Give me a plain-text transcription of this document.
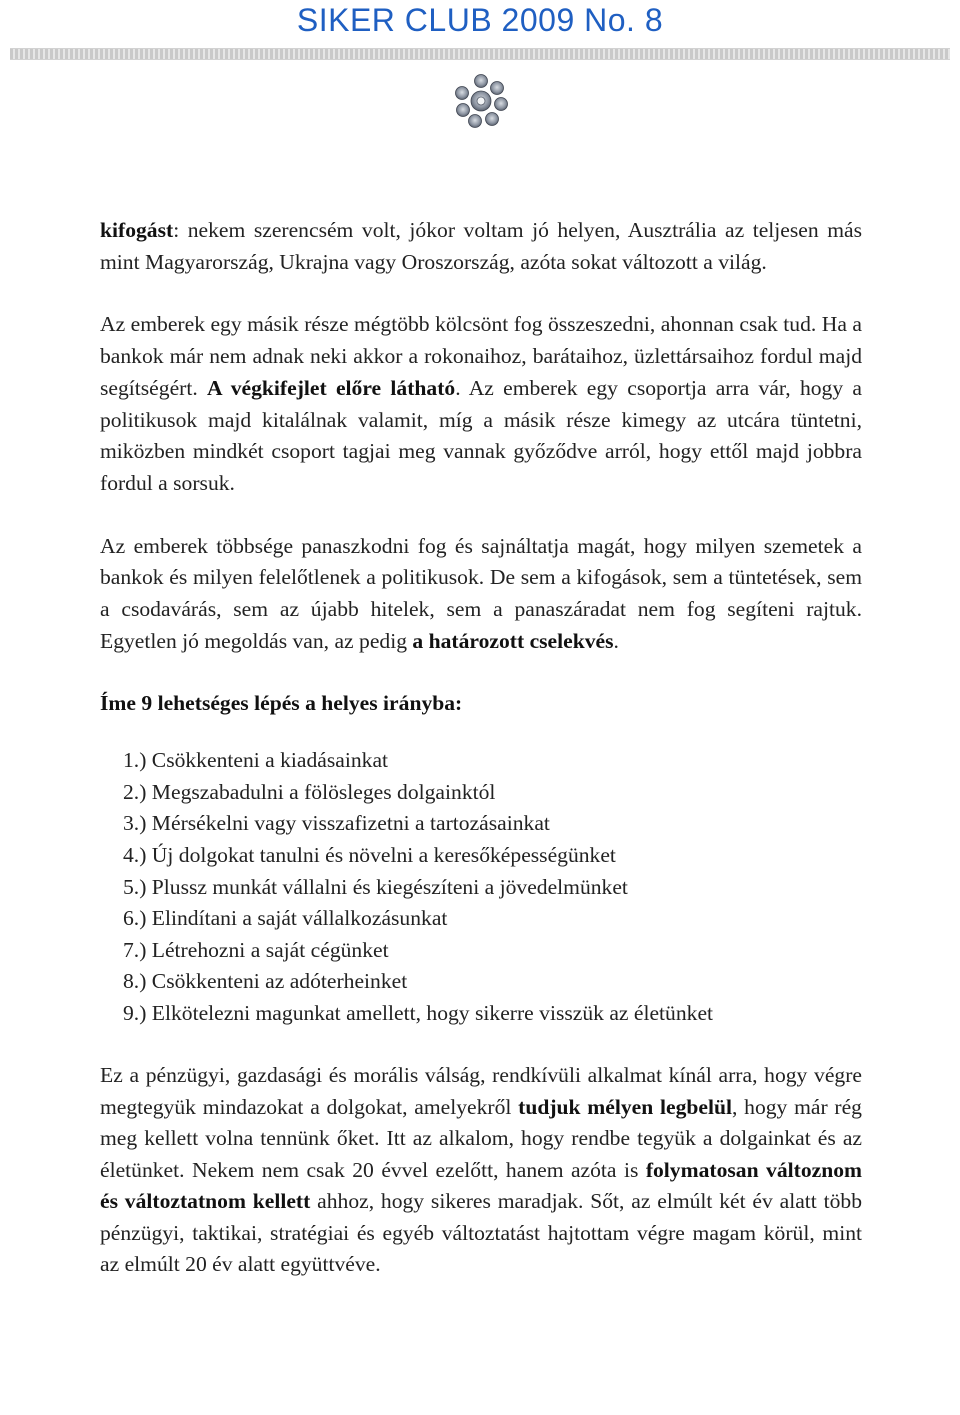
SIKER CLUB 2009 No. 8

kifogást: nekem szerencsém volt, jókor voltam jó helyen, Ausztrália az teljesen más mint Magyarország, Ukrajna vagy Oroszország, azóta sokat változott a világ.

Az emberek egy másik része mégtöbb kölcsönt fog összeszedni, ahonnan csak tud. Ha a bankok már nem adnak neki akkor a rokonaihoz, barátaihoz, üzlettársaihoz fordul majd segítségért. A végkifejlet előre látható. Az emberek egy csoportja arra vár, hogy a politikusok majd kitalálnak valamit, míg a másik része kimegy az utcára tüntetni, miközben mindkét csoport tagjai meg vannak győződve arról, hogy ettől majd jobbra fordul a sorsuk.

Az emberek többsége panaszkodni fog és sajnáltatja magát, hogy milyen szemetek a bankok és milyen felelőtlenek a politikusok. De sem a kifogások, sem a tüntetések, sem a csodavárás, sem az újabb hitelek, sem a panaszáradat nem fog segíteni rajtuk. Egyetlen jó megoldás van, az pedig a határozott cselekvés.

Íme 9 lehetséges lépés a helyes irányba:

1.) Csökkenteni a kiadásainkat
2.) Megszabadulni a fölösleges dolgainktól
3.) Mérsékelni vagy visszafizetni a tartozásainkat
4.) Új dolgokat tanulni és növelni a keresőképességünket
5.) Plussz munkát vállalni és kiegészíteni a jövedelmünket
6.) Elindítani a saját vállalkozásunkat
7.) Létrehozni a saját cégünket
8.) Csökkenteni az adóterheinket
9.) Elkötelezni magunkat amellett, hogy sikerre visszük az életünket

Ez a pénzügyi, gazdasági és morális válság, rendkívüli alkalmat kínál arra, hogy végre megtegyük mindazokat a dolgokat, amelyekről tudjuk mélyen legbelül, hogy már rég meg kellett volna tennünk őket. Itt az alkalom, hogy rendbe tegyük a dolgainkat és az életünket. Nekem nem csak 20 évvel ezelőtt, hanem azóta is folymatosan változnom és változtatnom kellett ahhoz, hogy sikeres maradjak. Sőt, az elmúlt két év alatt több pénzügyi, taktikai, stratégiai és egyéb változtatást hajtottam végre magam körül, mint az elmúlt 20 év alatt együttvéve.
